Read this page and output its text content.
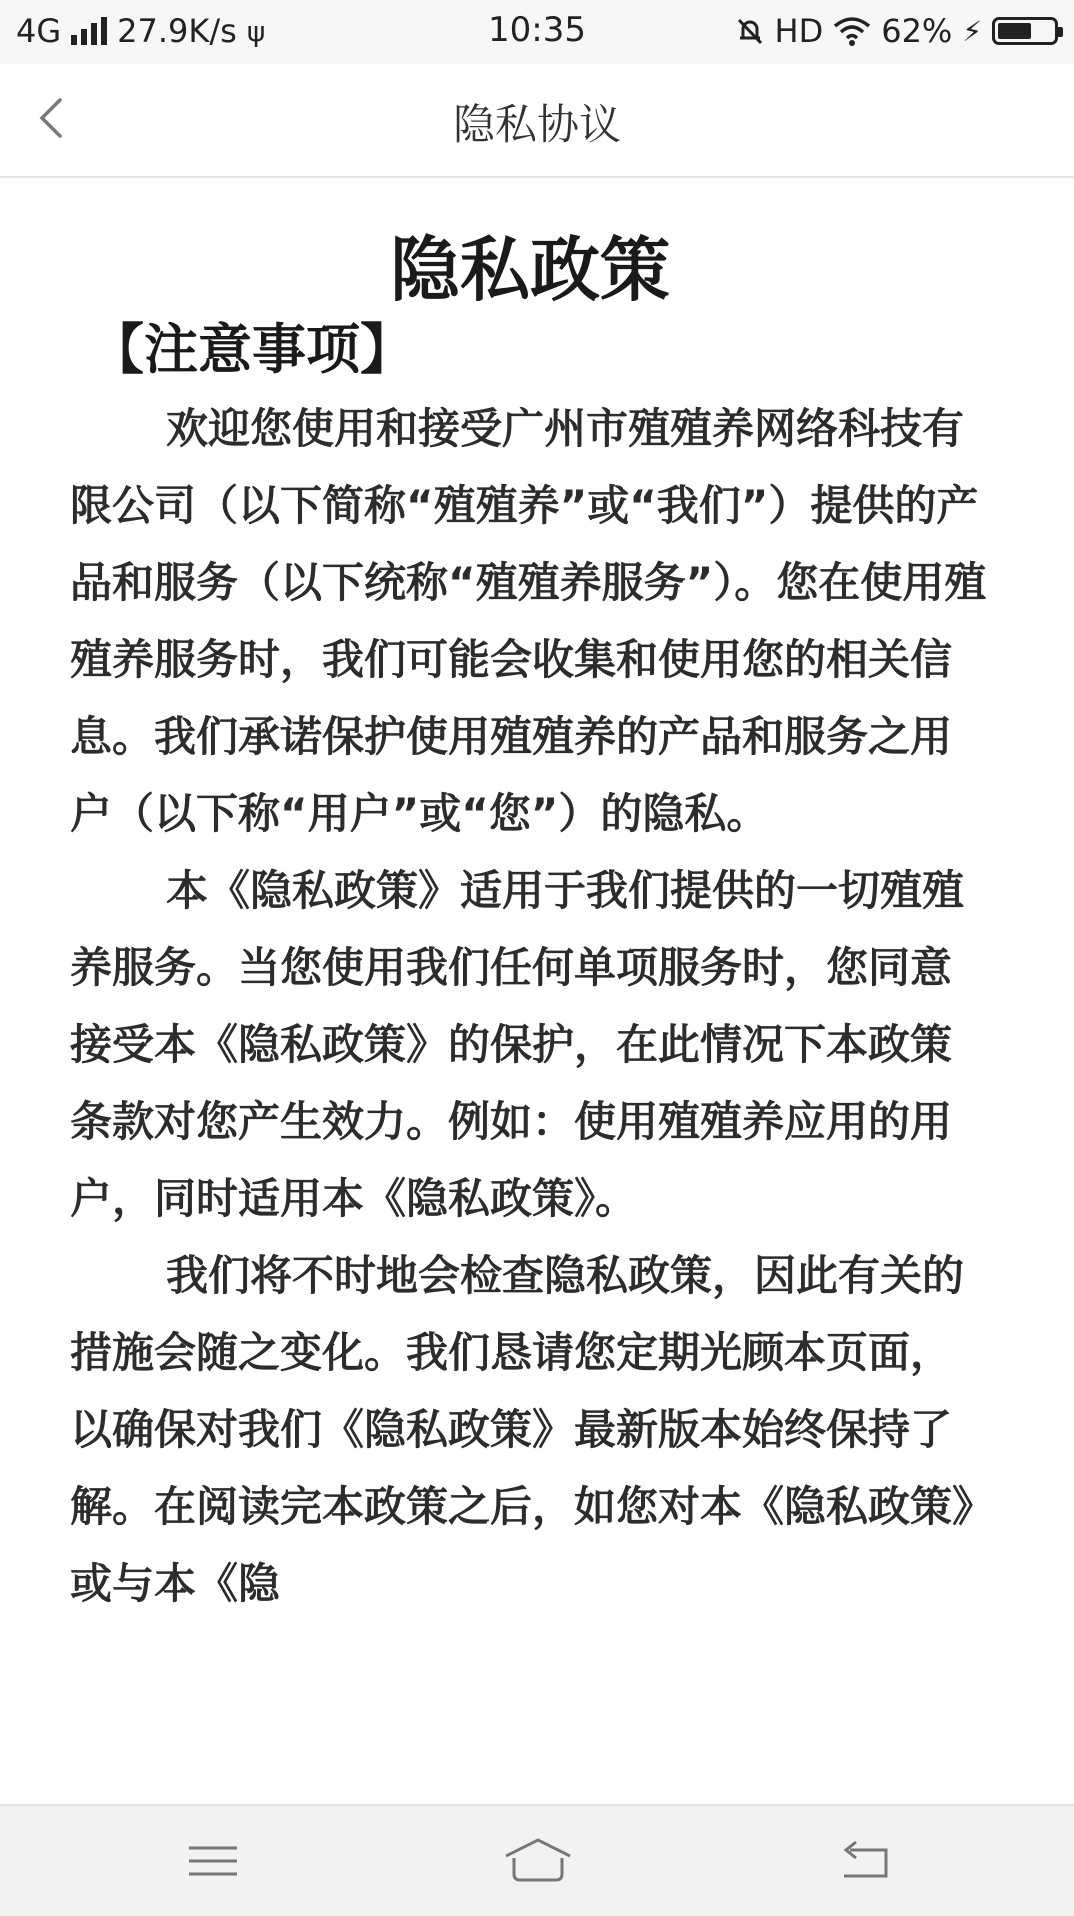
4G 27.9K/s ψ	10:35	HD 62% ⚡
隐私协议
隐私政策
【注意事项】

欢迎您使用和接受广州市殖殖养网络科技有限公司（以下简称“殖殖养”或“我们”）提供的产品和服务（以下统称“殖殖养服务”）。您在使用殖殖养服务时，我们可能会收集和使用您的相关信息。我们承诺保护使用殖殖养的产品和服务之用户（以下称“用户”或“您”）的隐私。

本《隐私政策》适用于我们提供的一切殖殖养服务。当您使用我们任何单项服务时，您同意接受本《隐私政策》的保护，在此情况下本政策条款对您产生效力。例如：使用殖殖养应用的用户，同时适用本《隐私政策》。

我们将不时地会检查隐私政策，因此有关的措施会随之变化。我们恳请您定期光顾本页面，以确保对我们《隐私政策》最新版本始终保持了解。在阅读完本政策之后，如您对本《隐私政策》或与本《隐
